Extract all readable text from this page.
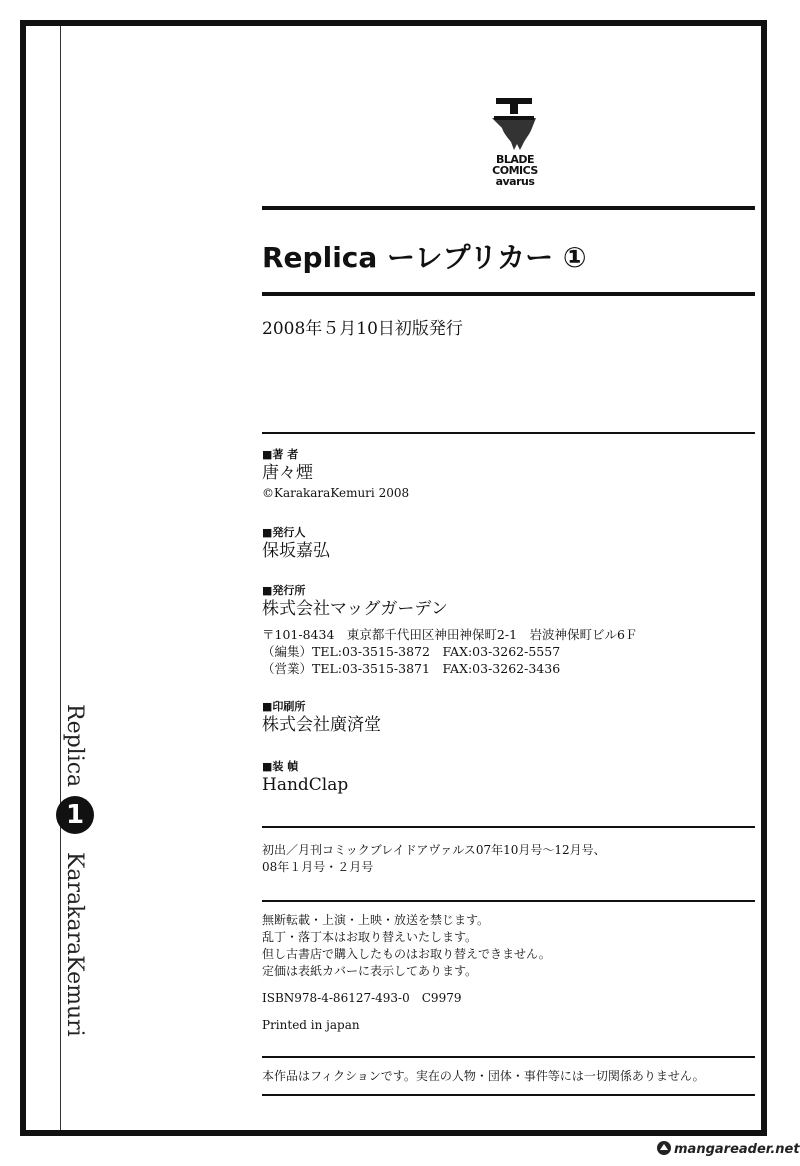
Replica
1
KarakaraKemuri
BLADE
COMICS
avarus
Replica ーレプリカー ①
2008年５月10日初版発行
■著 者
唐々煙
©KarakaraKemuri 2008
■発行人
保坂嘉弘
■発行所
株式会社マッグガーデン
〒101-8434　東京都千代田区神田神保町2-1　岩波神保町ビル6Ｆ
（編集）TEL:03-3515-3872　FAX:03-3262-5557
（営業）TEL:03-3515-3871　FAX:03-3262-3436
■印刷所
株式会社廣済堂
■装 幀
HandClap
初出／月刊コミックブレイドアヴァルス07年10月号～12月号、
08年１月号・２月号
無断転載・上演・上映・放送を禁じます。
乱丁・落丁本はお取り替えいたします。
但し古書店で購入したものはお取り替えできません。
定価は表紙カバーに表示してあります。
ISBN978-4-86127-493-0　C9979
Printed in japan
本作品はフィクションです。実在の人物・団体・事件等には一切関係ありません。
mangareader.net
